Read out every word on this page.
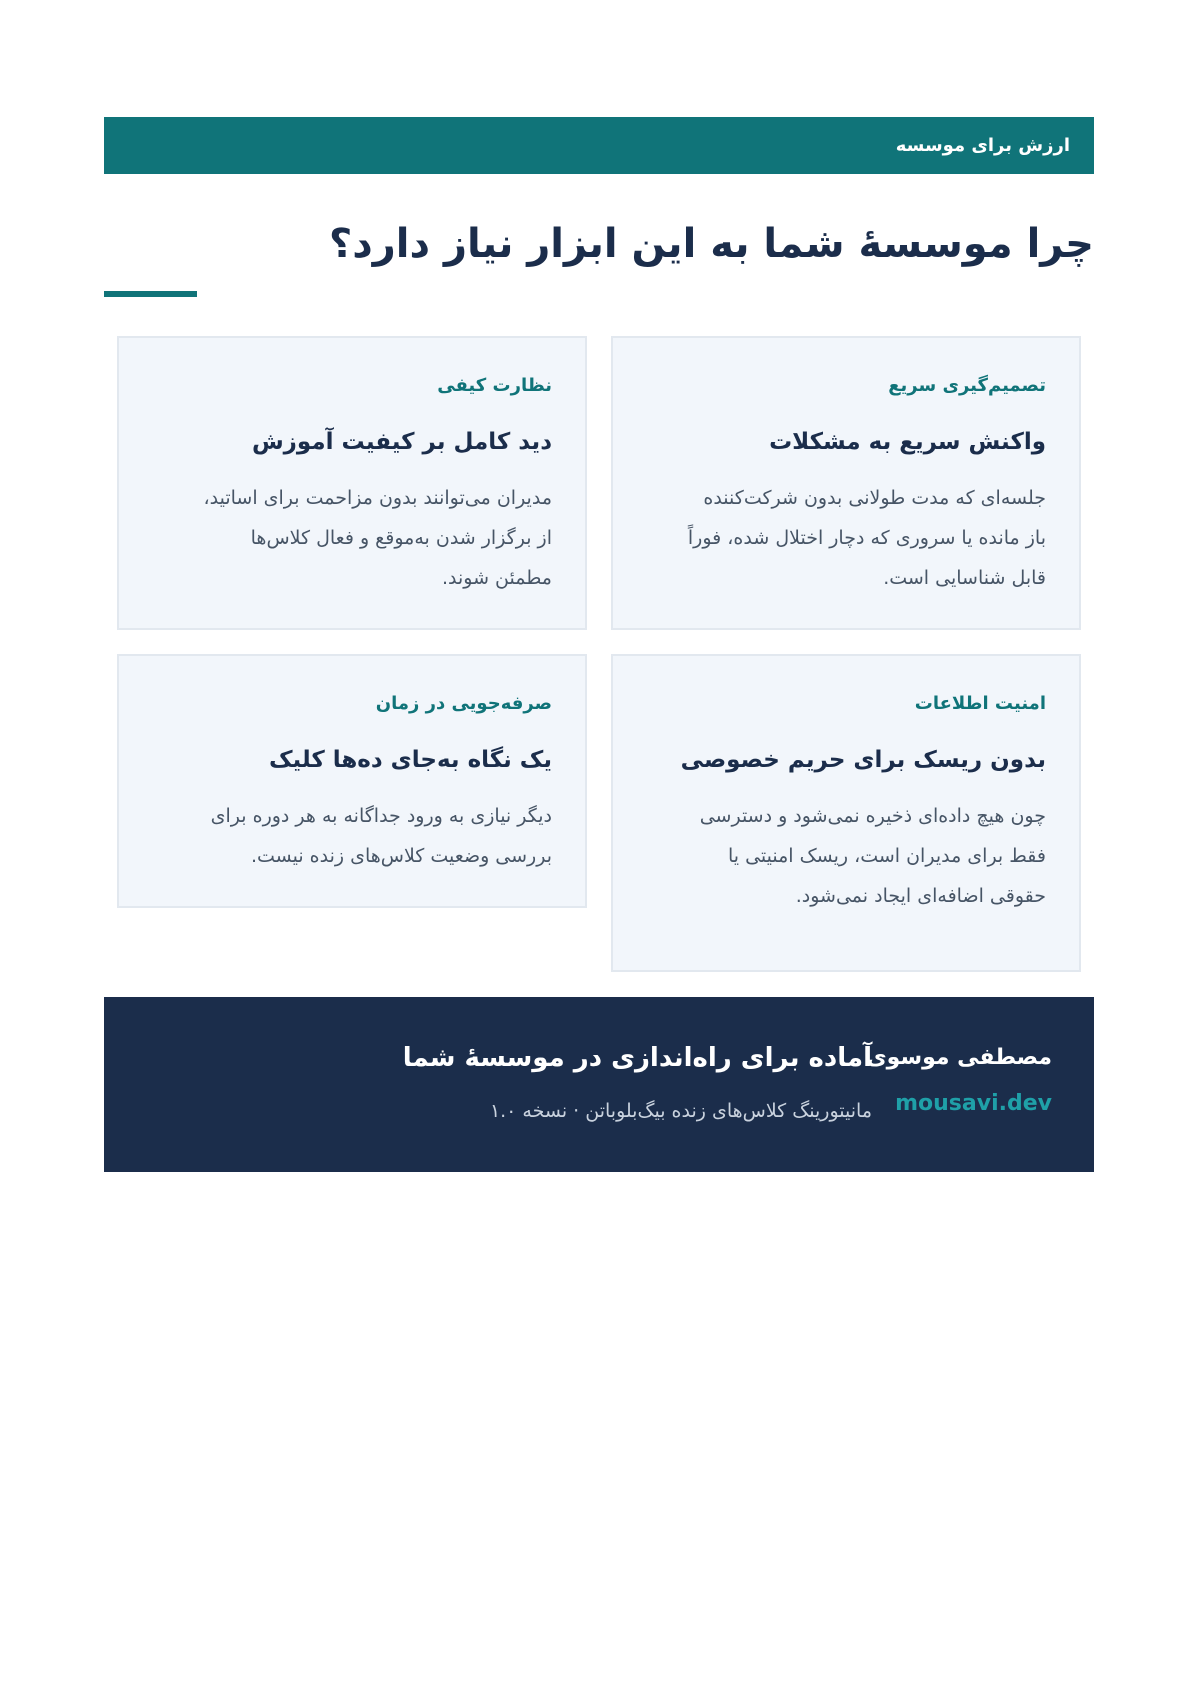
ارزش برای موسسه
چرا موسسهٔ شما به این ابزار نیاز دارد؟
تصمیم‌گیری سریع
واکنش سریع به مشکلات
جلسه‌ای که مدت طولانی بدون شرکت‌کننده
باز مانده یا سروری که دچار اختلال شده، فوراً
قابل شناسایی است.
نظارت کیفی
دید کامل بر کیفیت آموزش
مدیران می‌توانند بدون مزاحمت برای اساتید،
از برگزار شدن به‌موقع و فعال کلاس‌ها
مطمئن شوند.
امنیت اطلاعات
بدون ریسک برای حریم خصوصی
چون هیچ داده‌ای ذخیره نمی‌شود و دسترسی
فقط برای مدیران است، ریسک امنیتی یا
حقوقی اضافه‌ای ایجاد نمی‌شود.
صرفه‌جویی در زمان
یک نگاه به‌جای ده‌ها کلیک
دیگر نیازی به ورود جداگانه به هر دوره برای
بررسی وضعیت کلاس‌های زنده نیست.
مصطفی موسوی
mousavi.dev
آماده برای راه‌اندازی در موسسهٔ شما
مانیتورینگ کلاس‌های زنده بیگ‌بلوباتن · نسخه ۱.۰
